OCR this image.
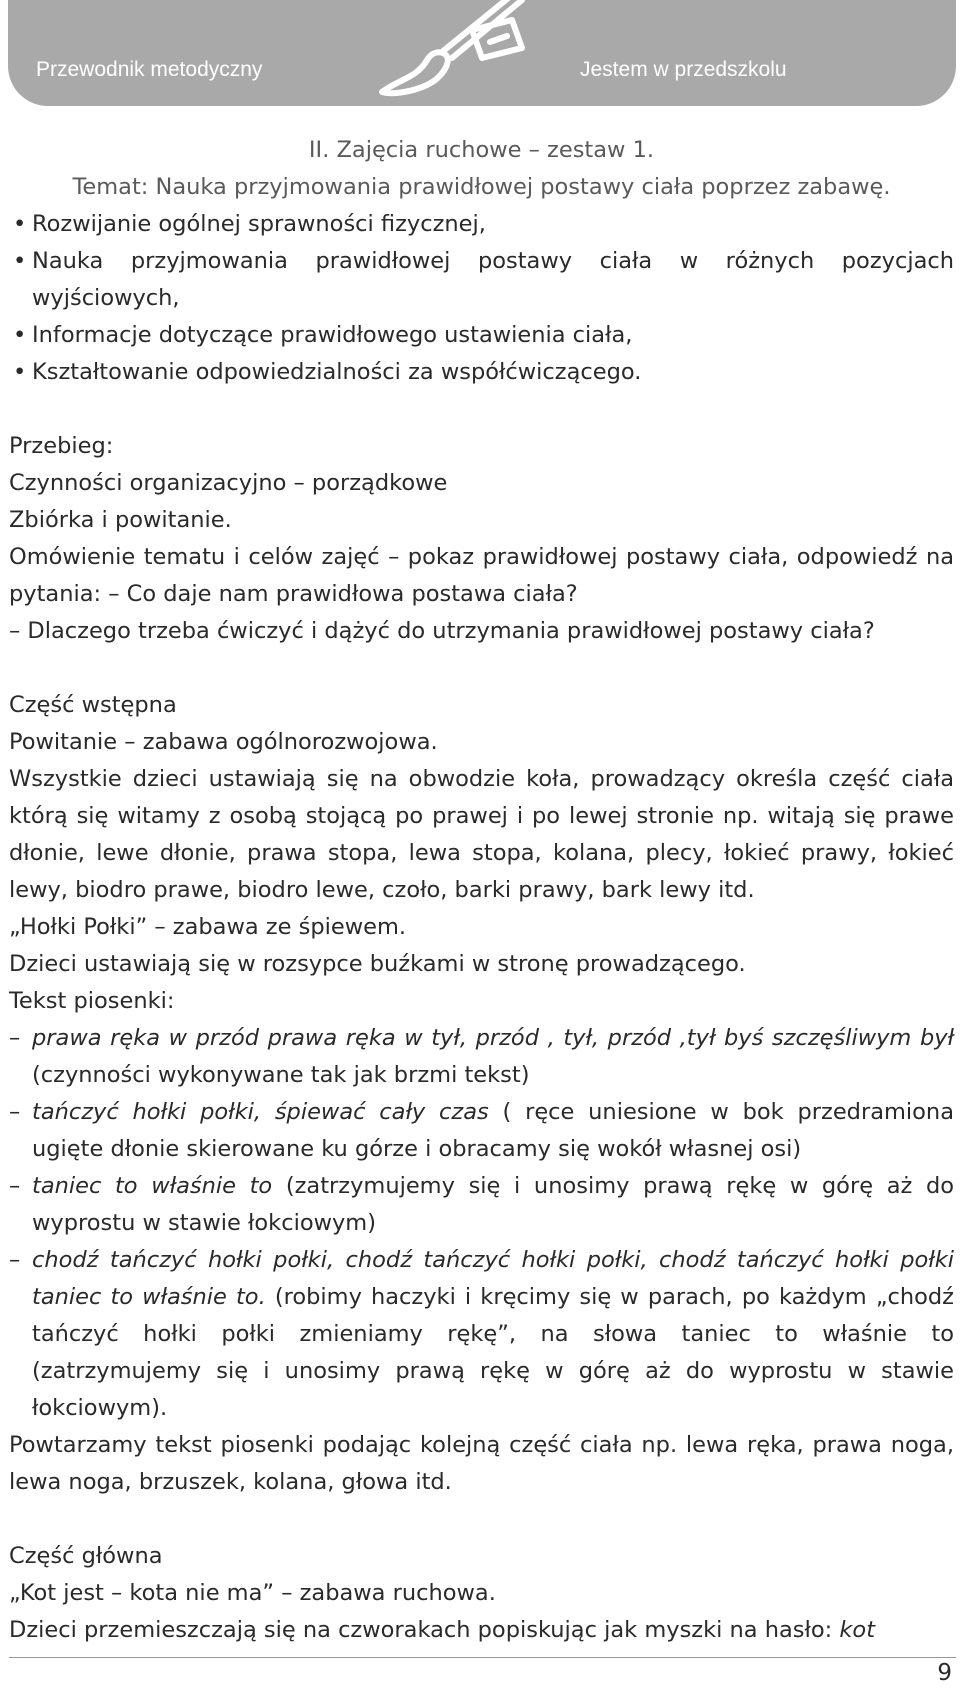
Przewodnik metodyczny	Jestem w przedszkolu

II. Zajęcia ruchowe – zestaw 1.

Temat: Nauka przyjmowania prawidłowej postawy ciała poprzez zabawę.

• Rozwijanie ogólnej sprawności fizycznej,
• Nauka przyjmowania prawidłowej postawy ciała w różnych pozycjach wyjściowych,
• Informacje dotyczące prawidłowego ustawienia ciała,
• Kształtowanie odpowiedzialności za współćwiczącego.

Przebieg:

Czynności organizacyjno – porządkowe

Zbiórka i powitanie.

Omówienie tematu i celów zajęć – pokaz prawidłowej postawy ciała, odpowiedź na pytania: – Co daje nam prawidłowa postawa ciała?

– Dlaczego trzeba ćwiczyć i dążyć do utrzymania prawidłowej postawy ciała?

Część wstępna

Powitanie – zabawa ogólnorozwojowa.

Wszystkie dzieci ustawiają się na obwodzie koła, prowadzący określa część ciała którą się witamy z osobą stojącą po prawej i po lewej stronie np. witają się prawe dłonie, lewe dłonie, prawa stopa, lewa stopa, kolana, plecy, łokieć prawy, łokieć lewy, biodro prawe, biodro lewe, czoło, barki prawy, bark lewy itd.

„Hołki Połki” – zabawa ze śpiewem.

Dzieci ustawiają się w rozsypce buźkami w stronę prowadzącego.

Tekst piosenki:

– prawa ręka w przód prawa ręka w tył, przód , tył, przód ,tył byś szczęśliwym był (czynności wykonywane tak jak brzmi tekst)
– tańczyć hołki połki, śpiewać cały czas ( ręce uniesione w bok przedramiona ugięte dłonie skierowane ku górze i obracamy się wokół własnej osi)
– taniec to właśnie to (zatrzymujemy się i unosimy prawą rękę w górę aż do wyprostu w stawie łokciowym)
– chodź tańczyć hołki połki, chodź tańczyć hołki połki, chodź tańczyć hołki połki taniec to właśnie to. (robimy haczyki i kręcimy się w parach, po każdym „chodź tańczyć hołki połki zmieniamy rękę”, na słowa taniec to właśnie to (zatrzymujemy się i unosimy prawą rękę w górę aż do wyprostu w stawie łokciowym).

Powtarzamy tekst piosenki podając kolejną część ciała np. lewa ręka, prawa noga, lewa noga, brzuszek, kolana, głowa itd.

Część główna

„Kot jest – kota nie ma” – zabawa ruchowa.

Dzieci przemieszczają się na czworakach popiskując jak myszki na hasło: kot

9
